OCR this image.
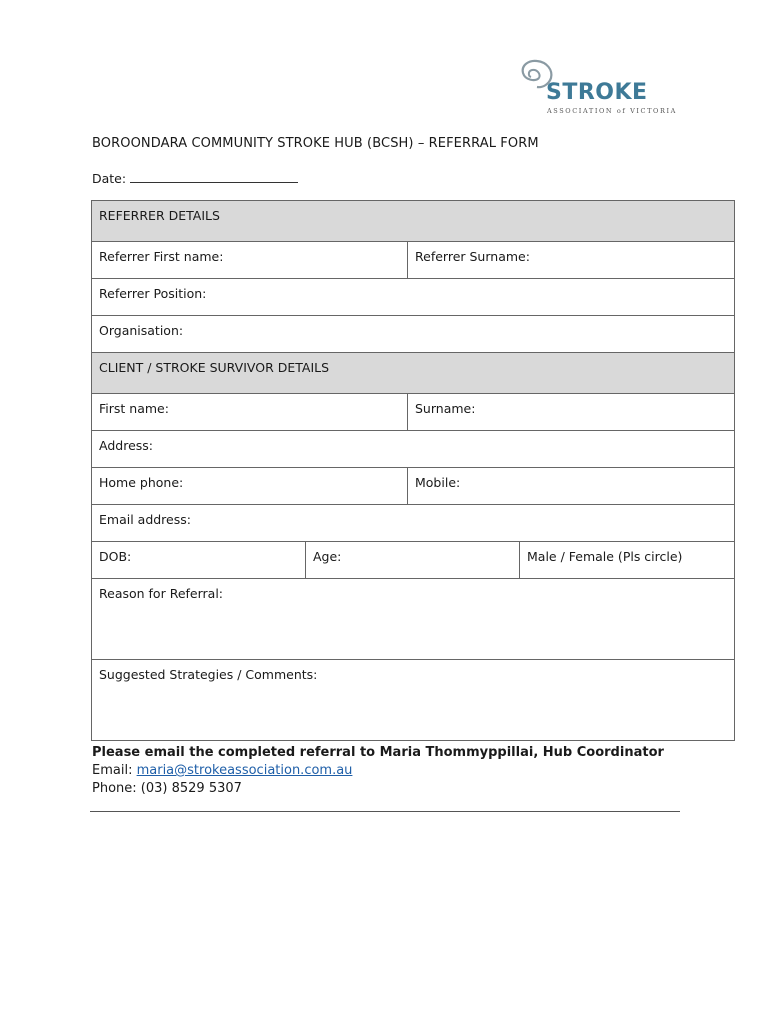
STROKE
ASSOCIATION of VICTORIA
BOROONDARA COMMUNITY STROKE HUB (BCSH) – REFERRAL FORM
Date:
REFERRER DETAILS			
Referrer First name:		Referrer Surname:	
Referrer Position:			
Organisation:			
CLIENT / STROKE SURVIVOR DETAILS			
First name:		Surname:	
Address:			
Home phone:		Mobile:	
Email address:			
DOB:	Age:		Male / Female (Pls circle)
Reason for Referral:			
Suggested Strategies / Comments:			
Please email the completed referral to Maria Thommyppillai, Hub Coordinator
Email: maria@strokeassociation.com.au
Phone: (03) 8529 5307
